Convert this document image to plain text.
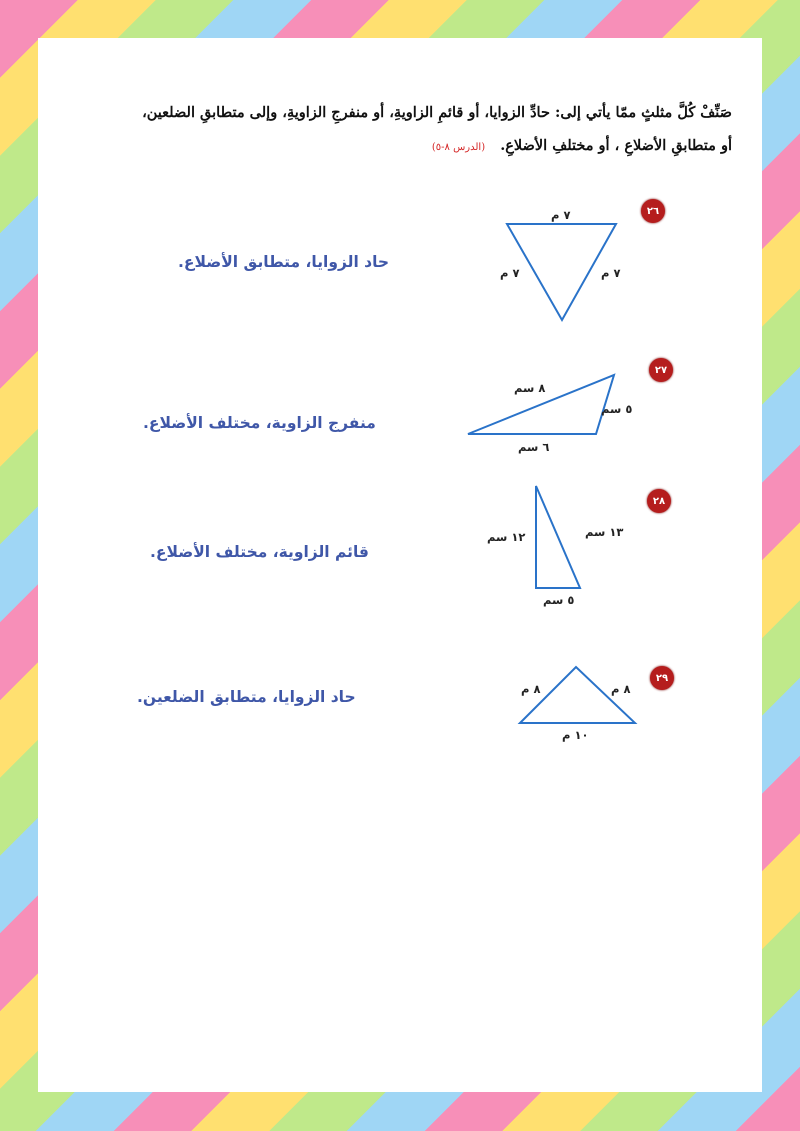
صَنِّفْ كُلَّ مثلثٍ ممّا يأتي إلى: حادِّ الزوايا، أو قائمِ الزاويةِ، أو منفرجِ الزاويةِ، وإلى متطابقِ الضلعين،
أو متطابقِ الأضلاعِ ، أو مختلفِ الأضلاعِ. (الدرس ٨-٥)
٢٦
٧ م
٧ م	٧ م
حاد الزوايا، متطابق الأضلاع.
٢٧
٨ سم
٥ سم
٦ سم
منفرج الزاوية، مختلف الأضلاع.
٢٨
١٢ سم	١٣ سم
٥ سم
قائم الزاوية، مختلف الأضلاع.
٢٩
٨ م	٨ م
١٠ م
حاد الزوايا، متطابق الضلعين.
